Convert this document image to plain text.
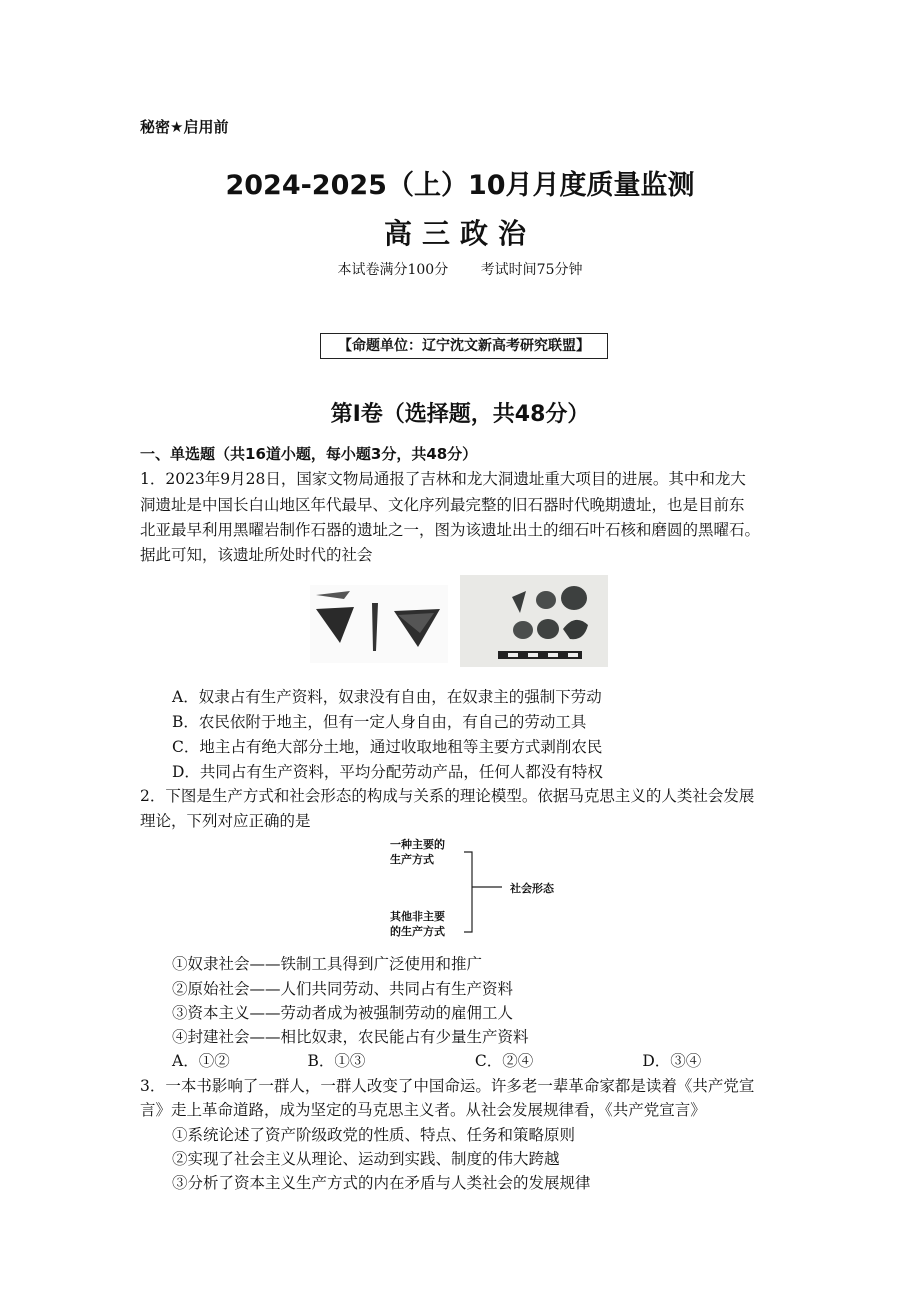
秘密★启用前
2024-2025（上）10月月度质量监测
高三政治
本试卷满分100分 考试时间75分钟
【命题单位：辽宁沈文新高考研究联盟】
第Ⅰ卷（选择题，共48分）
一、单选题（共16道小题，每小题3分，共48分）
1．2023年9月28日，国家文物局通报了吉林和龙大洞遗址重大项目的进展。其中和龙大
洞遗址是中国长白山地区年代最早、文化序列最完整的旧石器时代晚期遗址，也是目前东
北亚最早利用黑曜岩制作石器的遗址之一，图为该遗址出土的细石叶石核和磨圆的黑曜石。
据此可知，该遗址所处时代的社会
A．奴隶占有生产资料，奴隶没有自由，在奴隶主的强制下劳动
B．农民依附于地主，但有一定人身自由，有自己的劳动工具
C．地主占有绝大部分土地，通过收取地租等主要方式剥削农民
D．共同占有生产资料，平均分配劳动产品，任何人都没有特权
2．下图是生产方式和社会形态的构成与关系的理论模型。依据马克思主义的人类社会发展
理论，下列对应正确的是
一种主要的
生产方式
其他非主要
的生产方式
社会形态
①奴隶社会——铁制工具得到广泛使用和推广
②原始社会——人们共同劳动、共同占有生产资料
③资本主义——劳动者成为被强制劳动的雇佣工人
④封建社会——相比奴隶，农民能占有少量生产资料
A．①②	B．①③	C．②④	D．③④
3．一本书影响了一群人，一群人改变了中国命运。许多老一辈革命家都是读着《共产党宣
言》走上革命道路，成为坚定的马克思主义者。从社会发展规律看，《共产党宣言》
①系统论述了资产阶级政党的性质、特点、任务和策略原则
②实现了社会主义从理论、运动到实践、制度的伟大跨越
③分析了资本主义生产方式的内在矛盾与人类社会的发展规律
